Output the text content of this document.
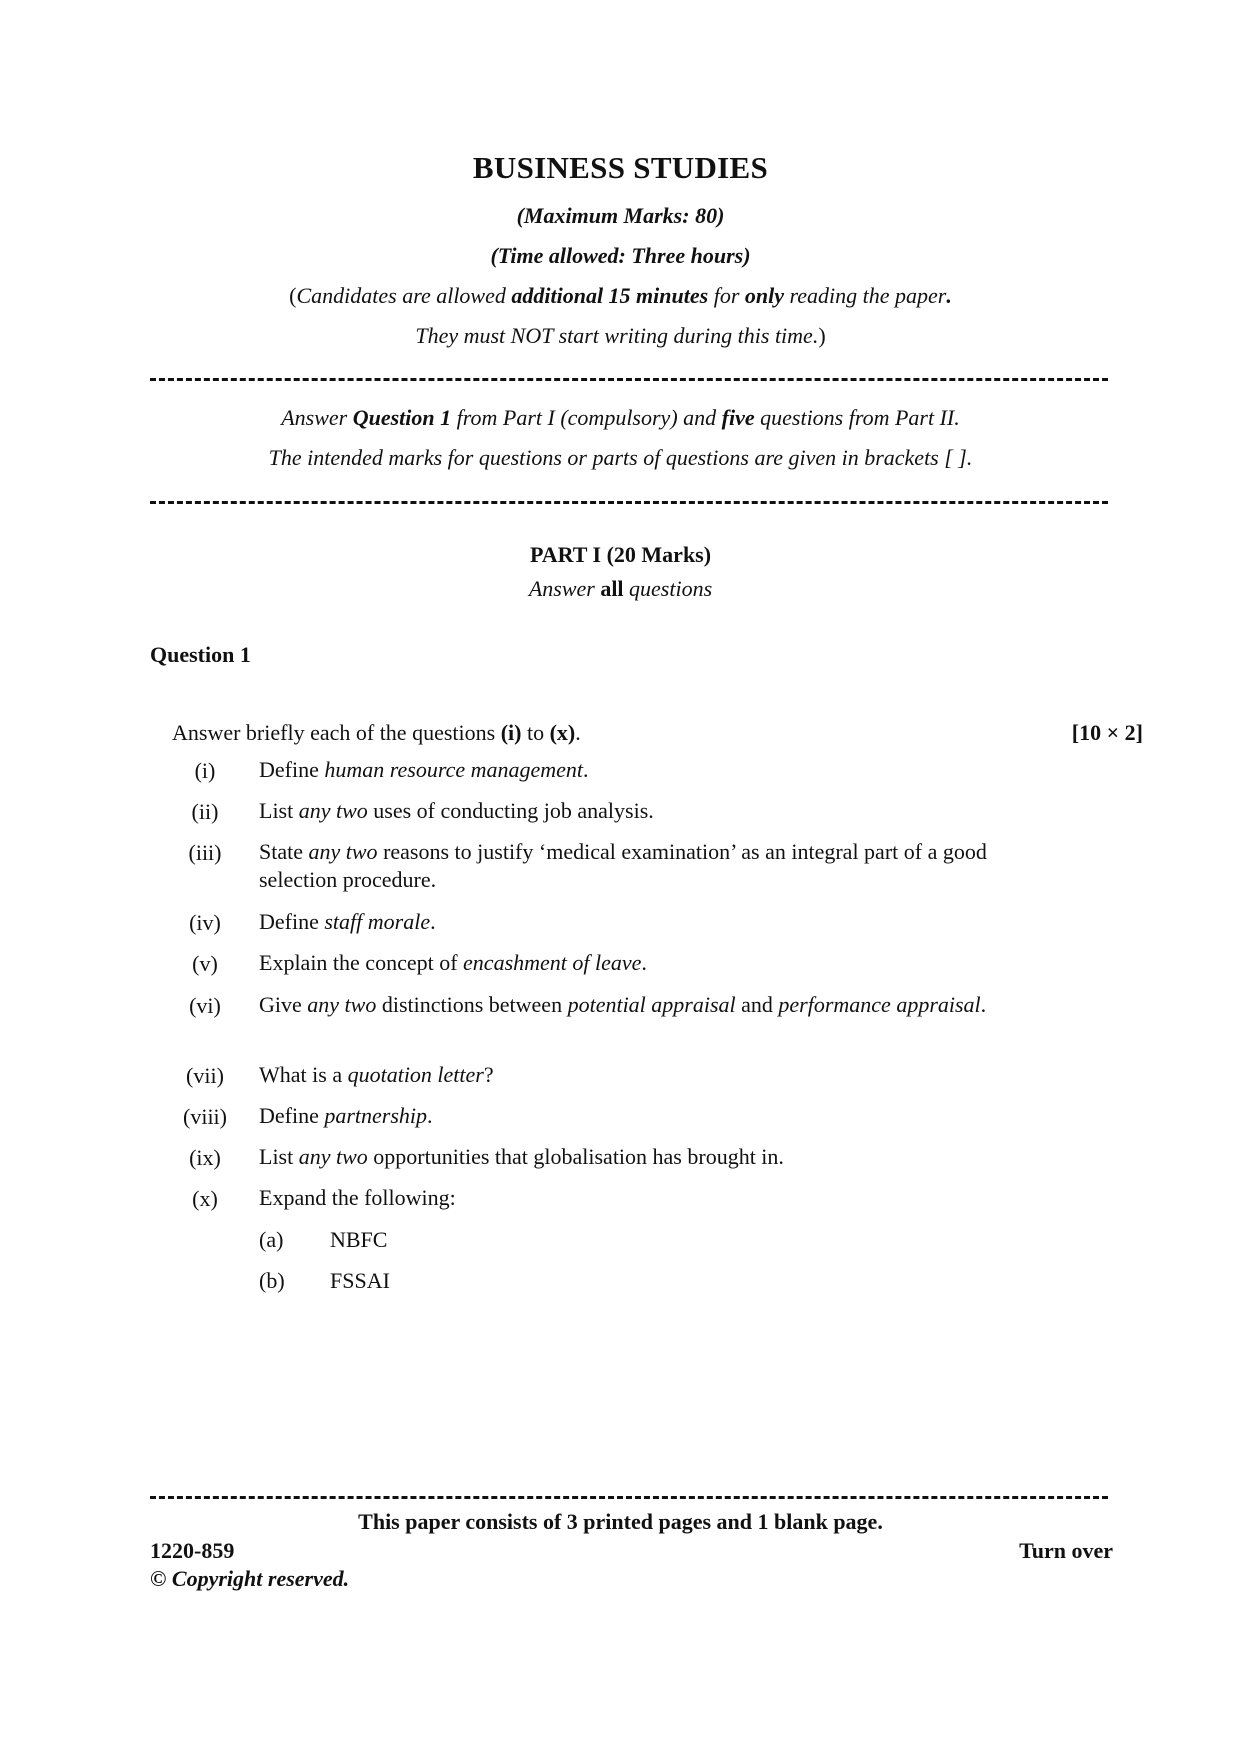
BUSINESS STUDIES
(Maximum Marks: 80)
(Time allowed: Three hours)
(Candidates are allowed additional 15 minutes for only reading the paper.
They must NOT start writing during this time.)
Answer Question 1 from Part I (compulsory) and five questions from Part II.
The intended marks for questions or parts of questions are given in brackets [ ].
PART I (20 Marks)
Answer all questions
Question 1
Answer briefly each of the questions (i) to (x).	[10 × 2]
(i)	Define human resource management.
(ii)	List any two uses of conducting job analysis.
(iii)	State any two reasons to justify ‘medical examination’ as an integral part of a good selection procedure.
(iv)	Define staff morale.
(v)	Explain the concept of encashment of leave.
(vi)	Give any two distinctions between potential appraisal and performance appraisal.
(vii)	What is a quotation letter?
(viii)	Define partnership.
(ix)	List any two opportunities that globalisation has brought in.
(x)	Expand the following:
(a) NBFC
(b) FSSAI
This paper consists of 3 printed pages and 1 blank page.
1220-859	Turn over
© Copyright reserved.
